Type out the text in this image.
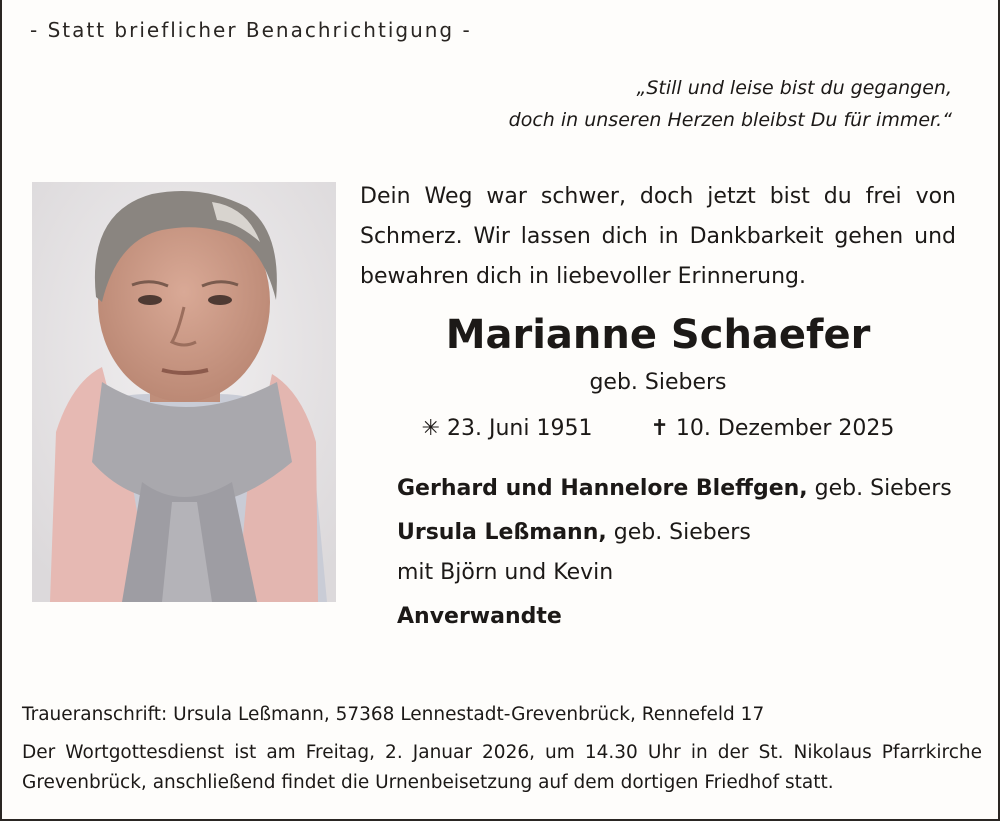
- Statt brieflicher Benachrichtigung -
„Still und leise bist du gegangen,
doch in unseren Herzen bleibst Du für immer.“
Dein Weg war schwer, doch jetzt bist du frei von Schmerz. Wir lassen dich in Dankbarkeit gehen und bewahren dich in liebevoller Erinnerung.
Marianne Schaefer
geb. Siebers
✳ 23. Juni 1951	✝ 10. Dezember 2025
Gerhard und Hannelore Bleffgen, geb. Siebers
Ursula Leßmann, geb. Siebers
mit Björn und Kevin
Anverwandte
Traueranschrift: Ursula Leßmann, 57368 Lennestadt-Grevenbrück, Rennefeld 17
Der Wortgottesdienst ist am Freitag, 2. Januar 2026, um 14.30 Uhr in der St. Nikolaus Pfarrkirche Grevenbrück, anschließend findet die Urnenbeisetzung auf dem dortigen Friedhof statt.
